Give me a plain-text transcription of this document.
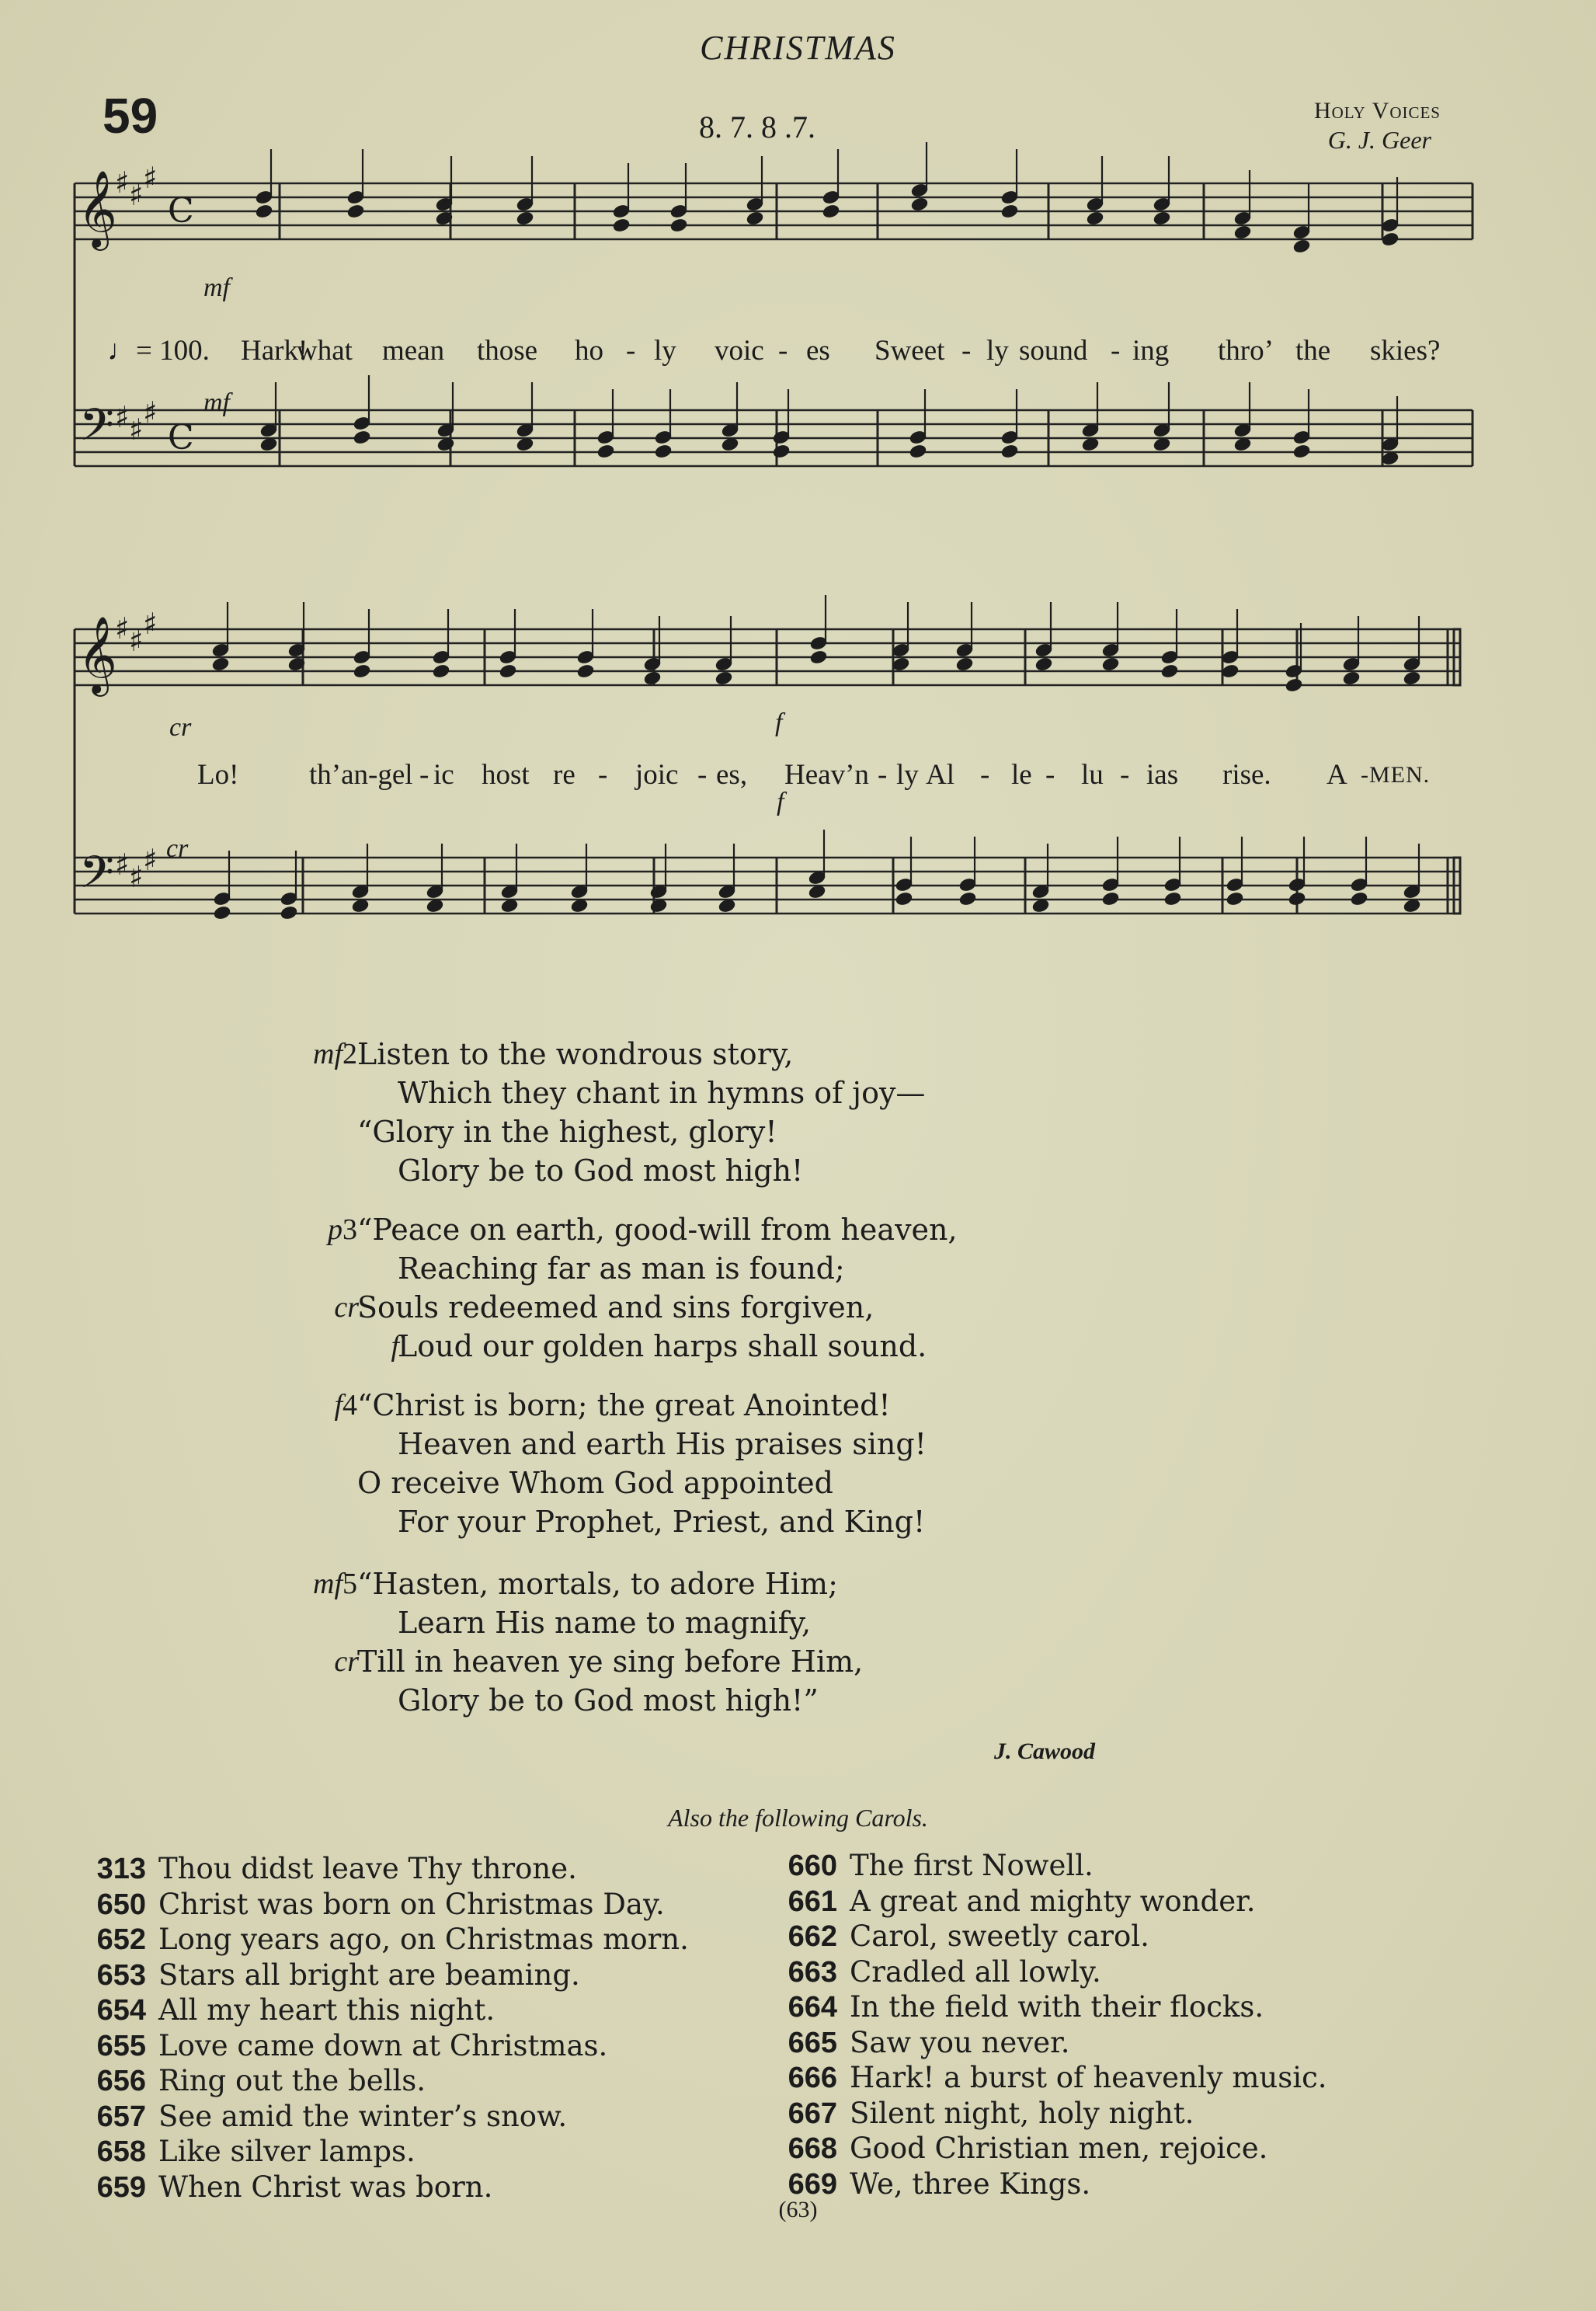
CHRISTMAS
59	8. 7. 8 .7.	Holy Voices
G. J. Geer
𝄞
𝄢
♯
♯
♯
♯
♯
♯
C
C
𝄞
𝄢
♯
♯
♯
♯
♯
♯
♩= 100. Hark!
what mean those ho - ly voic - es Sweet - ly sound - ing thro’ the skies?
Lo! th’an-gel - ic host re - joic - es, Heav’n - ly Al - le - lu - ias rise. A -MEN.
mf
mf
cr	f
cr
f
mf2 Listen to the wondrous story,
Which they chant in hymns of joy—
“Glory in the highest, glory!
Glory be to God most high!
p3 “Peace on earth, good-will from heaven,
Reaching far as man is found;
cr
Souls redeemed and sins forgiven,
f
Loud our golden harps shall sound.
f4 “Christ is born; the great Anointed!
Heaven and earth His praises sing!
O receive Whom God appointed
For your Prophet, Priest, and King!
mf5 “Hasten, mortals, to adore Him;
Learn His name to magnify,
cr
Till in heaven ye sing before Him,
Glory be to God most high!”
J. Cawood
Also the following Carols.
313 Thou didst leave Thy throne.
650 Christ was born on Christmas Day.
652 Long years ago, on Christmas morn.
653 Stars all bright are beaming.
654 All my heart this night.
655 Love came down at Christmas.
656 Ring out the bells.
657 See amid the winter’s snow.
658 Like silver lamps.
659 When Christ was born.
660 The first Nowell.
661 A great and mighty wonder.
662 Carol, sweetly carol.
663 Cradled all lowly.
664 In the field with their flocks.
665 Saw you never.
666 Hark! a burst of heavenly music.
667 Silent night, holy night.
668 Good Christian men, rejoice.
669 We, three Kings.
(63)
